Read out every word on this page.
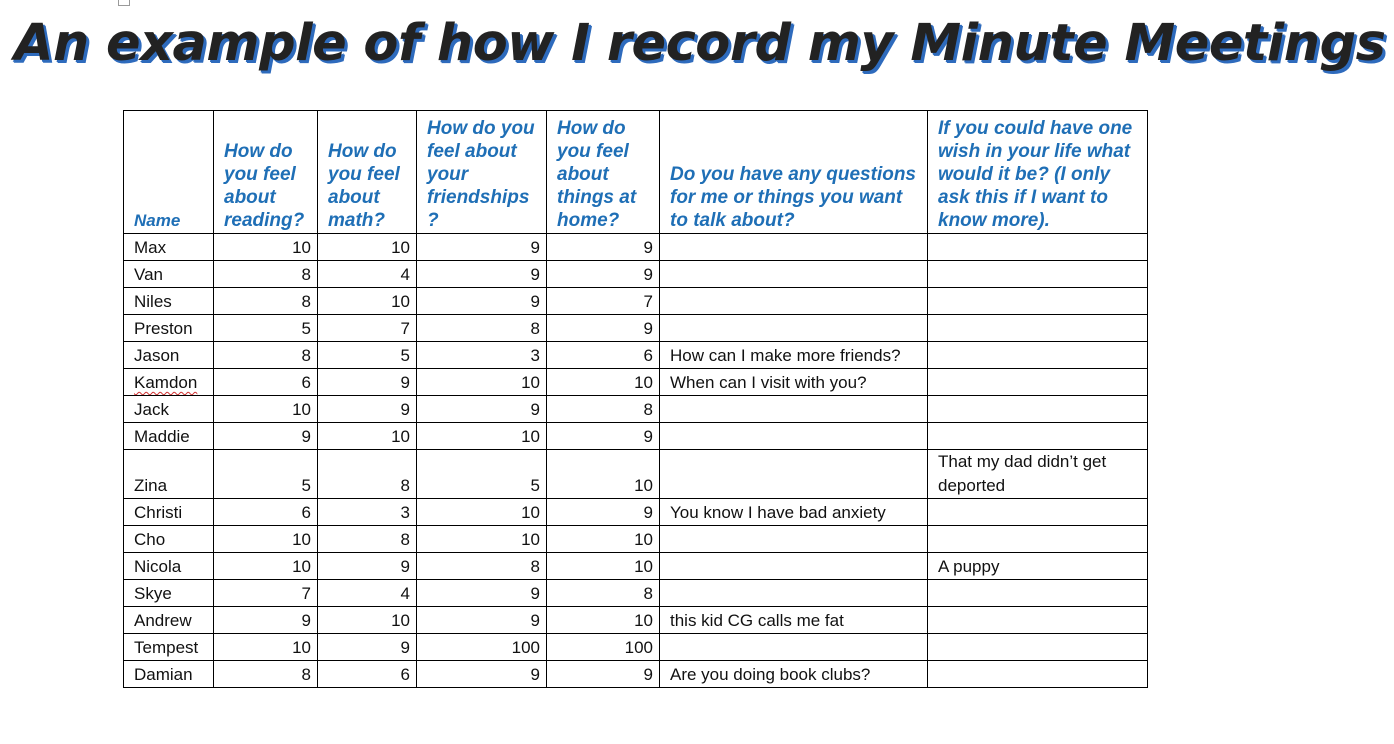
An example of how I record my Minute Meetings
Name	How do you feel about reading?	How do you feel about math?	How do you feel about your friendships ?	How do you feel about things at home?	Do you have any questions for me or things you want to talk about?	If you could have one wish in your life what would it be? (I only ask this if I want to know more).
Max	10	10	9	9		
Van	8	4	9	9		
Niles	8	10	9	7		
Preston	5	7	8	9		
Jason	8	5	3	6	How can I make more friends?	
Kamdon	6	9	10	10	When can I visit with you?	
Jack	10	9	9	8		
Maddie	9	10	10	9		
Zina	5	8	5	10		That my dad didn’t get deported
Christi	6	3	10	9	You know I have bad anxiety	
Cho	10	8	10	10		
Nicola	10	9	8	10		A puppy
Skye	7	4	9	8		
Andrew	9	10	9	10	this kid CG calls me fat	
Tempest	10	9	100	100		
Damian	8	6	9	9	Are you doing book clubs?	
